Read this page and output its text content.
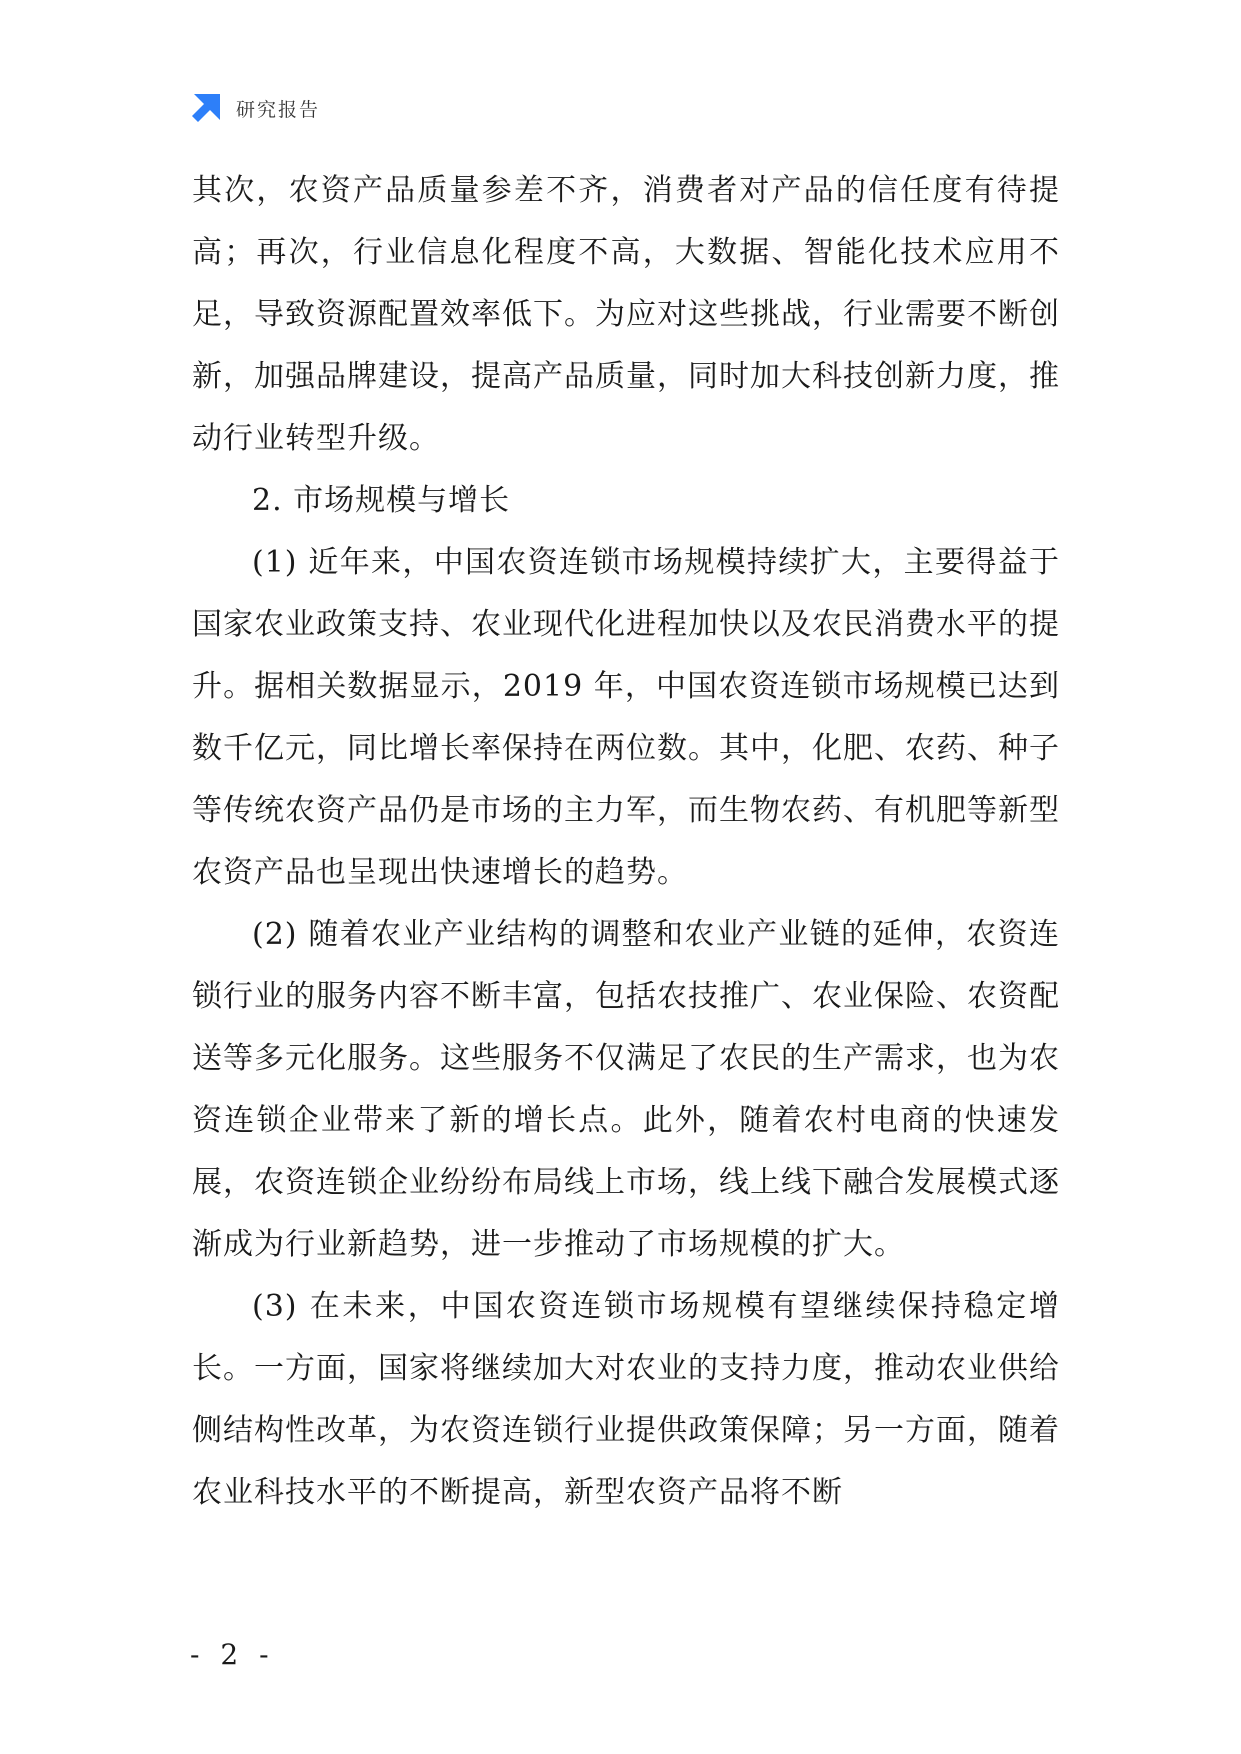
研究报告

其次，农资产品质量参差不齐，消费者对产品的信任度有待提高；再次，行业信息化程度不高，大数据、智能化技术应用不足，导致资源配置效率低下。为应对这些挑战，行业需要不断创新，加强品牌建设，提高产品质量，同时加大科技创新力度，推动行业转型升级。

2. 市场规模与增长

(1) 近年来，中国农资连锁市场规模持续扩大，主要得益于国家农业政策支持、农业现代化进程加快以及农民消费水平的提升。据相关数据显示，2019 年，中国农资连锁市场规模已达到数千亿元，同比增长率保持在两位数。其中，化肥、农药、种子等传统农资产品仍是市场的主力军，而生物农药、有机肥等新型农资产品也呈现出快速增长的趋势。

(2) 随着农业产业结构的调整和农业产业链的延伸，农资连锁行业的服务内容不断丰富，包括农技推广、农业保险、农资配送等多元化服务。这些服务不仅满足了农民的生产需求，也为农资连锁企业带来了新的增长点。此外，随着农村电商的快速发展，农资连锁企业纷纷布局线上市场，线上线下融合发展模式逐渐成为行业新趋势，进一步推动了市场规模的扩大。

(3) 在未来，中国农资连锁市场规模有望继续保持稳定增长。一方面，国家将继续加大对农业的支持力度，推动农业供给侧结构性改革，为农资连锁行业提供政策保障；另一方面，随着农业科技水平的不断提高，新型农资产品将不断

- 2 -
